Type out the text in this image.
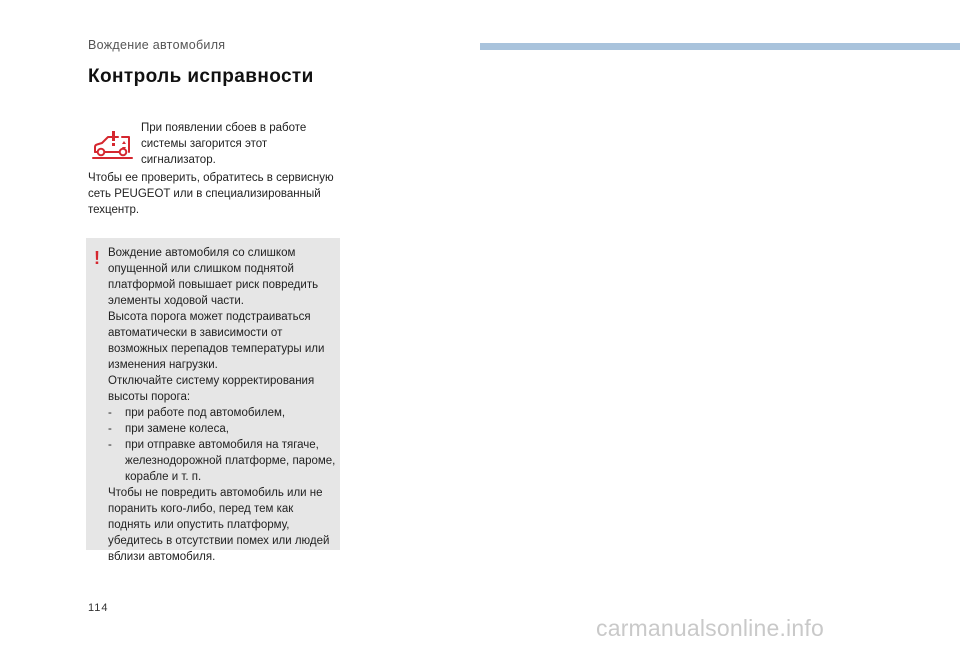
Вождение автомобиля
Контроль исправности

При появлении сбоев в работе системы загорится этот сигнализатор.

Чтобы ее проверить, обратитесь в сервисную сеть PEUGEOT или в специализированный техцентр.

! Вождение автомобиля со слишком опущенной или слишком поднятой платформой повышает риск повредить элементы ходовой части.

Высота порога может подстраиваться автоматически в зависимости от возможных перепадов температуры или изменения нагрузки.

Отключайте систему корректирования высоты порога:

- при работе под автомобилем,
- при замене колеса,
- при отправке автомобиля на тягаче, железнодорожной платформе, пароме, корабле и т. п.

Чтобы не повредить автомобиль или не поранить кого-либо, перед тем как поднять или опустить платформу, убедитесь в отсутствии помех или людей вблизи автомобиля.

114
carmanualsonline.info
